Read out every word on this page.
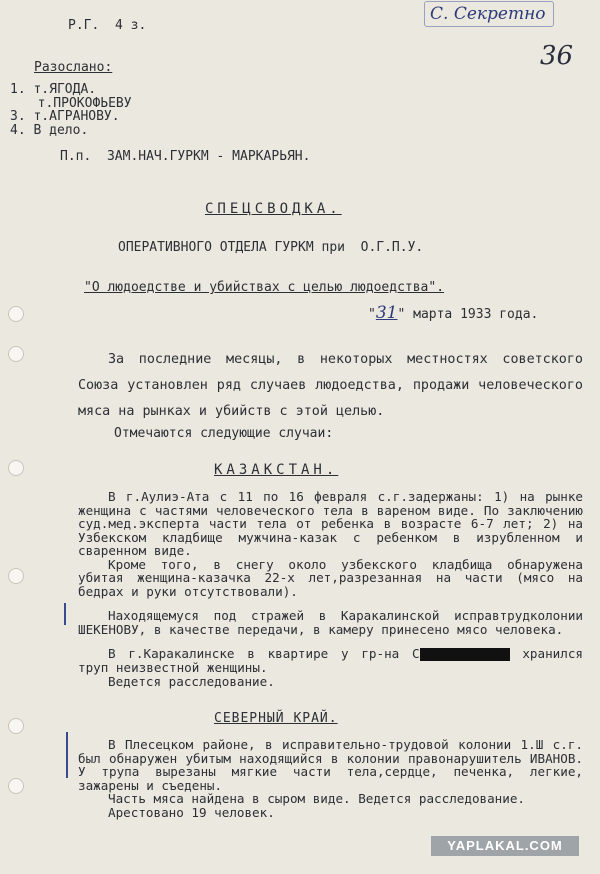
Р.Г.  4 з.
С. Секретно
36
Разослано:
1. т.ЯГОДА.
т.ПРОКОФЬЕВУ
3. т.АГРАНОВУ.
4. В дело.
П.п.  ЗАМ.НАЧ.ГУРКМ - МАРКАРЬЯН.
СПЕЦСВОДКА.
ОПЕРАТИВНОГО ОТДЕЛА ГУРКМ при  О.Г.П.У.
"О людоедстве и убийствах с целью людоедства".
"31" марта 1933 года.

За последние месяцы, в некоторых местностях советского Союза установлен ряд случаев людоедства, продажи человеческого мяса на рынках и убийств с этой целью.

Отмечаются следующие случаи:
КАЗАКСТАН.

В г.Аулиэ-Ата с 11 по 16 февраля с.г.задержаны: 1) на рынке женщина с частями человеческого тела в вареном виде. По заключению суд.мед.эксперта части тела от ребенка в возрасте 6-7 лет; 2) на Узбекском кладбище мужчина-казак с ребенком в изрубленном и сваренном виде.

Кроме того, в снегу около узбекского кладбища обнаружена убитая женщина-казачка 22-х лет,разрезанная на части (мясо на бедрах и руки отсутствовали).

Находящемуся под стражей в Каракалинской исправтрудколонии ШЕКЕНОВУ, в качестве передачи, в камеру принесено мясо человека.

В г.Каракалинске в квартире у гр-на С	хранился труп неизвестной женщины.

Ведется расследование.

СЕВЕРНЫЙ КРАЙ.

В Плесецком районе, в исправительно-трудовой колонии 1.Ш с.г. был обнаружен убитым находящийся в колонии правонарушитель ИВАНОВ. У трупа вырезаны мягкие части тела,сердце, печенка, легкие, зажарены и съедены.

Часть мяса найдена в сыром виде. Ведется расследование.

Арестовано 19 человек.

YAPLAKAL.COM
